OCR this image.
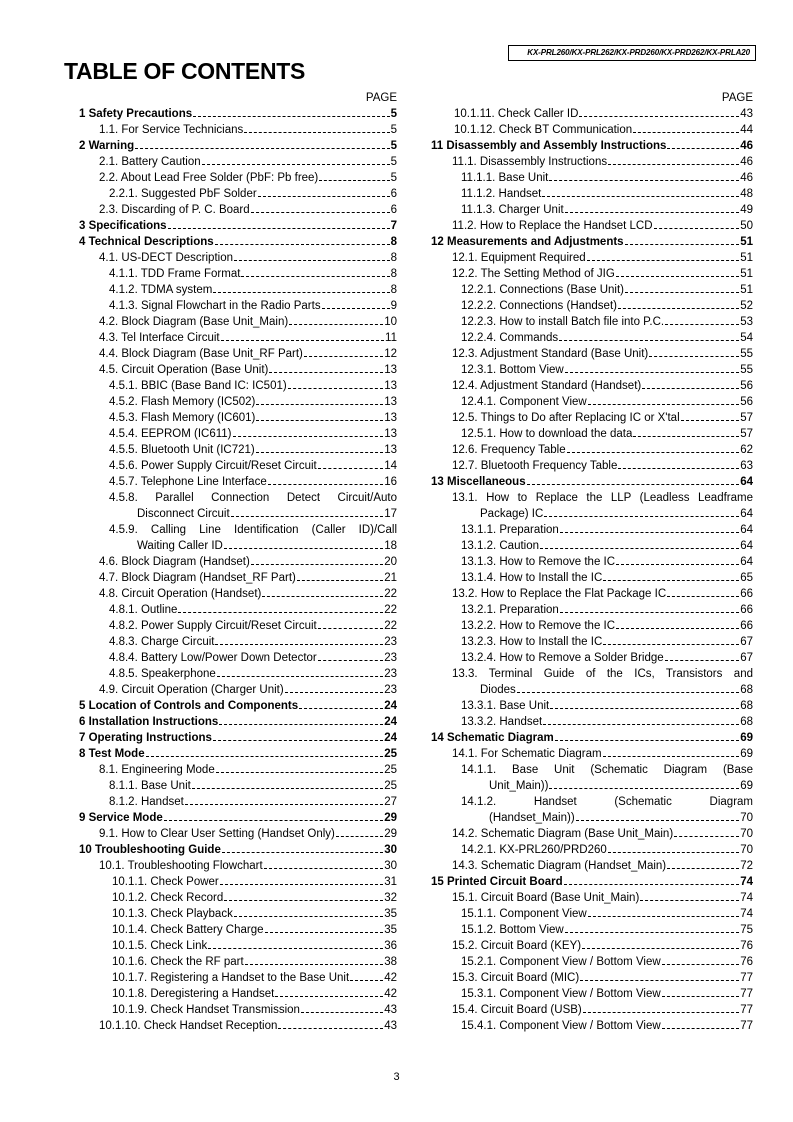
KX-PRL260/KX-PRL262/KX-PRD260/KX-PRD262/KX-PRLA20
TABLE OF CONTENTS
PAGE
1 Safety Precautions	5
1.1. For Service Technicians	5
2 Warning	5
2.1. Battery Caution	5
2.2. About Lead Free Solder (PbF: Pb free)	5
2.2.1. Suggested PbF Solder	6
2.3. Discarding of P. C. Board	6
3 Specifications	7
4 Technical Descriptions	8
4.1. US-DECT Description	8
4.1.1. TDD Frame Format	8
4.1.2. TDMA system	8
4.1.3. Signal Flowchart in the Radio Parts	9
4.2. Block Diagram (Base Unit_Main)	10
4.3. Tel Interface Circuit	11
4.4. Block Diagram (Base Unit_RF Part)	12
4.5. Circuit Operation (Base Unit)	13
4.5.1. BBIC (Base Band IC: IC501)	13
4.5.2. Flash Memory (IC502)	13
4.5.3. Flash Memory (IC601)	13
4.5.4. EEPROM (IC611)	13
4.5.5. Bluetooth Unit (IC721)	13
4.5.6. Power Supply Circuit/Reset Circuit	14
4.5.7. Telephone Line Interface	16
4.5.8. Parallel Connection Detect Circuit/Auto
Disconnect Circuit	17
4.5.9. Calling Line Identification (Caller ID)/Call
Waiting Caller ID	18
4.6. Block Diagram (Handset)	20
4.7. Block Diagram (Handset_RF Part)	21
4.8. Circuit Operation (Handset)	22
4.8.1. Outline	22
4.8.2. Power Supply Circuit/Reset Circuit	22
4.8.3. Charge Circuit	23
4.8.4. Battery Low/Power Down Detector	23
4.8.5. Speakerphone	23
4.9. Circuit Operation (Charger Unit)	23
5 Location of Controls and Components	24
6 Installation Instructions	24
7 Operating Instructions	24
8 Test Mode	25
8.1. Engineering Mode	25
8.1.1. Base Unit	25
8.1.2. Handset	27
9 Service Mode	29
9.1. How to Clear User Setting (Handset Only)	29
10 Troubleshooting Guide	30
10.1. Troubleshooting Flowchart	30
10.1.1. Check Power	31
10.1.2. Check Record	32
10.1.3. Check Playback	35
10.1.4. Check Battery Charge	35
10.1.5. Check Link	36
10.1.6. Check the RF part	38
10.1.7. Registering a Handset to the Base Unit	42
10.1.8. Deregistering a Handset	42
10.1.9. Check Handset Transmission	43
10.1.10. Check Handset Reception	43
PAGE
10.1.11. Check Caller ID	43
10.1.12. Check BT Communication	44
11 Disassembly and Assembly Instructions	46
11.1. Disassembly Instructions	46
11.1.1. Base Unit	46
11.1.2. Handset	48
11.1.3. Charger Unit	49
11.2. How to Replace the Handset LCD	50
12 Measurements and Adjustments	51
12.1. Equipment Required	51
12.2. The Setting Method of JIG	51
12.2.1. Connections (Base Unit)	51
12.2.2. Connections (Handset)	52
12.2.3. How to install Batch file into P.C.	53
12.2.4. Commands	54
12.3. Adjustment Standard (Base Unit)	55
12.3.1. Bottom View	55
12.4. Adjustment Standard (Handset)	56
12.4.1. Component View	56
12.5. Things to Do after Replacing IC or X'tal	57
12.5.1. How to download the data	57
12.6. Frequency Table	62
12.7. Bluetooth Frequency Table	63
13 Miscellaneous	64
13.1. How to Replace the LLP (Leadless Leadframe
Package) IC	64
13.1.1. Preparation	64
13.1.2. Caution	64
13.1.3. How to Remove the IC	64
13.1.4. How to Install the IC	65
13.2. How to Replace the Flat Package IC	66
13.2.1. Preparation	66
13.2.2. How to Remove the IC	66
13.2.3. How to Install the IC	67
13.2.4. How to Remove a Solder Bridge	67
13.3. Terminal Guide of the ICs, Transistors and
Diodes	68
13.3.1. Base Unit	68
13.3.2. Handset	68
14 Schematic Diagram	69
14.1. For Schematic Diagram	69
14.1.1. Base Unit (Schematic Diagram (Base
Unit_Main))	69
14.1.2. Handset (Schematic Diagram
(Handset_Main))	70
14.2. Schematic Diagram (Base Unit_Main)	70
14.2.1. KX-PRL260/PRD260	70
14.3. Schematic Diagram (Handset_Main)	72
15 Printed Circuit Board	74
15.1. Circuit Board (Base Unit_Main)	74
15.1.1. Component View	74
15.1.2. Bottom View	75
15.2. Circuit Board (KEY)	76
15.2.1. Component View / Bottom View	76
15.3. Circuit Board (MIC)	77
15.3.1. Component View / Bottom View	77
15.4. Circuit Board (USB)	77
15.4.1. Component View / Bottom View	77
3
